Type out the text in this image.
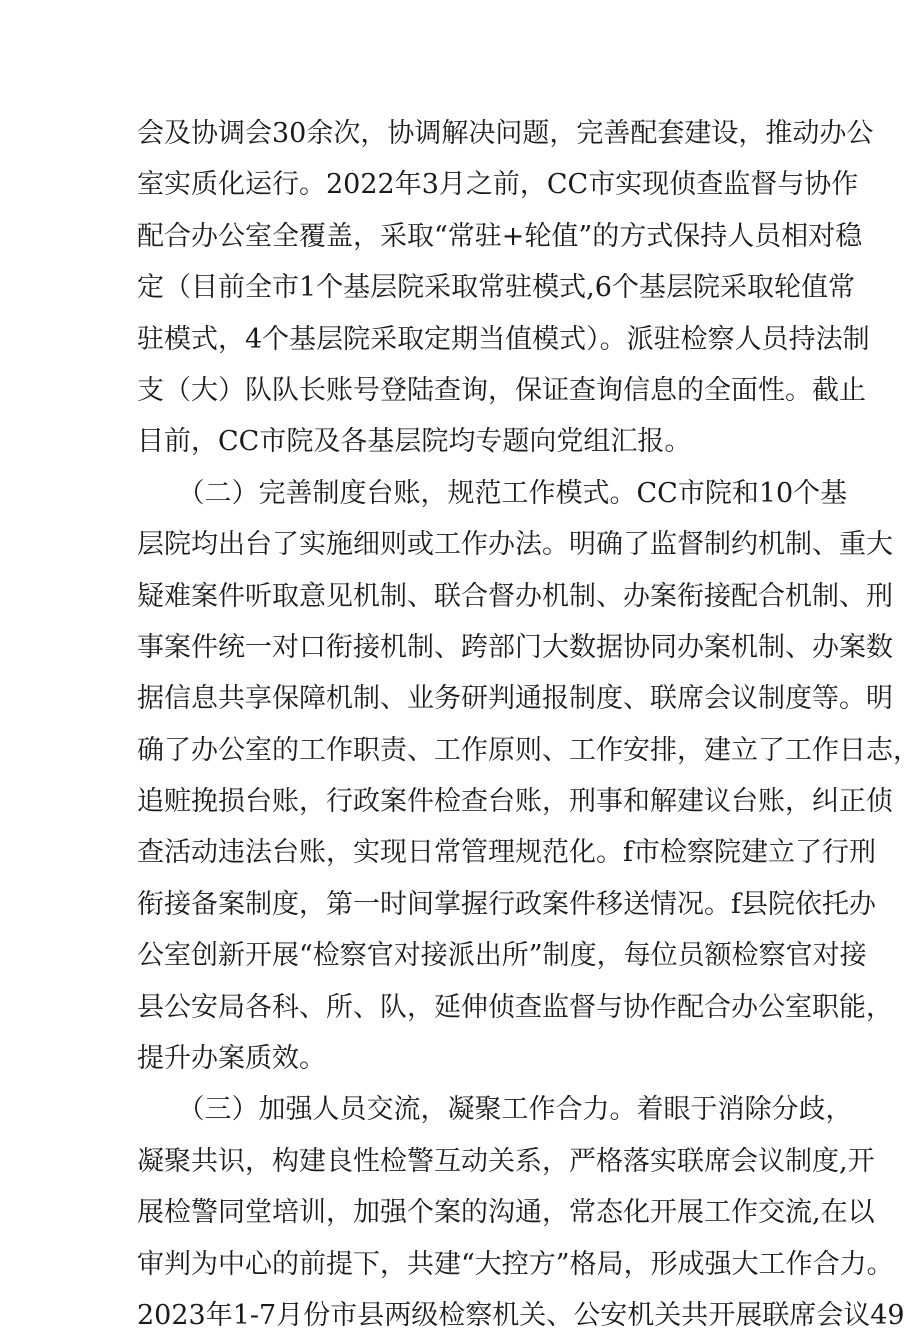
会及协调会30余次，协调解决问题，完善配套建设，推动办公
室实质化运行。2022年3月之前，CC市实现侦查监督与协作
配合办公室全覆盖，采取“常驻+轮值”的方式保持人员相对稳
定（目前全市1个基层院采取常驻模式,6个基层院采取轮值常
驻模式，4个基层院采取定期当值模式）。派驻检察人员持法制
支（大）队队长账号登陆查询，保证查询信息的全面性。截止
目前，CC市院及各基层院均专题向党组汇报。
　　（二）完善制度台账，规范工作模式。CC市院和10个基
层院均出台了实施细则或工作办法。明确了监督制约机制、重大
疑难案件听取意见机制、联合督办机制、办案衔接配合机制、刑
事案件统一对口衔接机制、跨部门大数据协同办案机制、办案数
据信息共享保障机制、业务研判通报制度、联席会议制度等。明
确了办公室的工作职责、工作原则、工作安排，建立了工作日志，
追赃挽损台账，行政案件检查台账，刑事和解建议台账，纠正侦
查活动违法台账，实现日常管理规范化。f市检察院建立了行刑
衔接备案制度，第一时间掌握行政案件移送情况。f县院依托办
公室创新开展“检察官对接派出所”制度，每位员额检察官对接
县公安局各科、所、队，延伸侦查监督与协作配合办公室职能，
提升办案质效。
　　（三）加强人员交流，凝聚工作合力。着眼于消除分歧，
凝聚共识，构建良性检警互动关系，严格落实联席会议制度,开
展检警同堂培训，加强个案的沟通，常态化开展工作交流,在以
审判为中心的前提下，共建“大控方”格局，形成强大工作合力。
2023年1-7月份市县两级检察机关、公安机关共开展联席会议49
